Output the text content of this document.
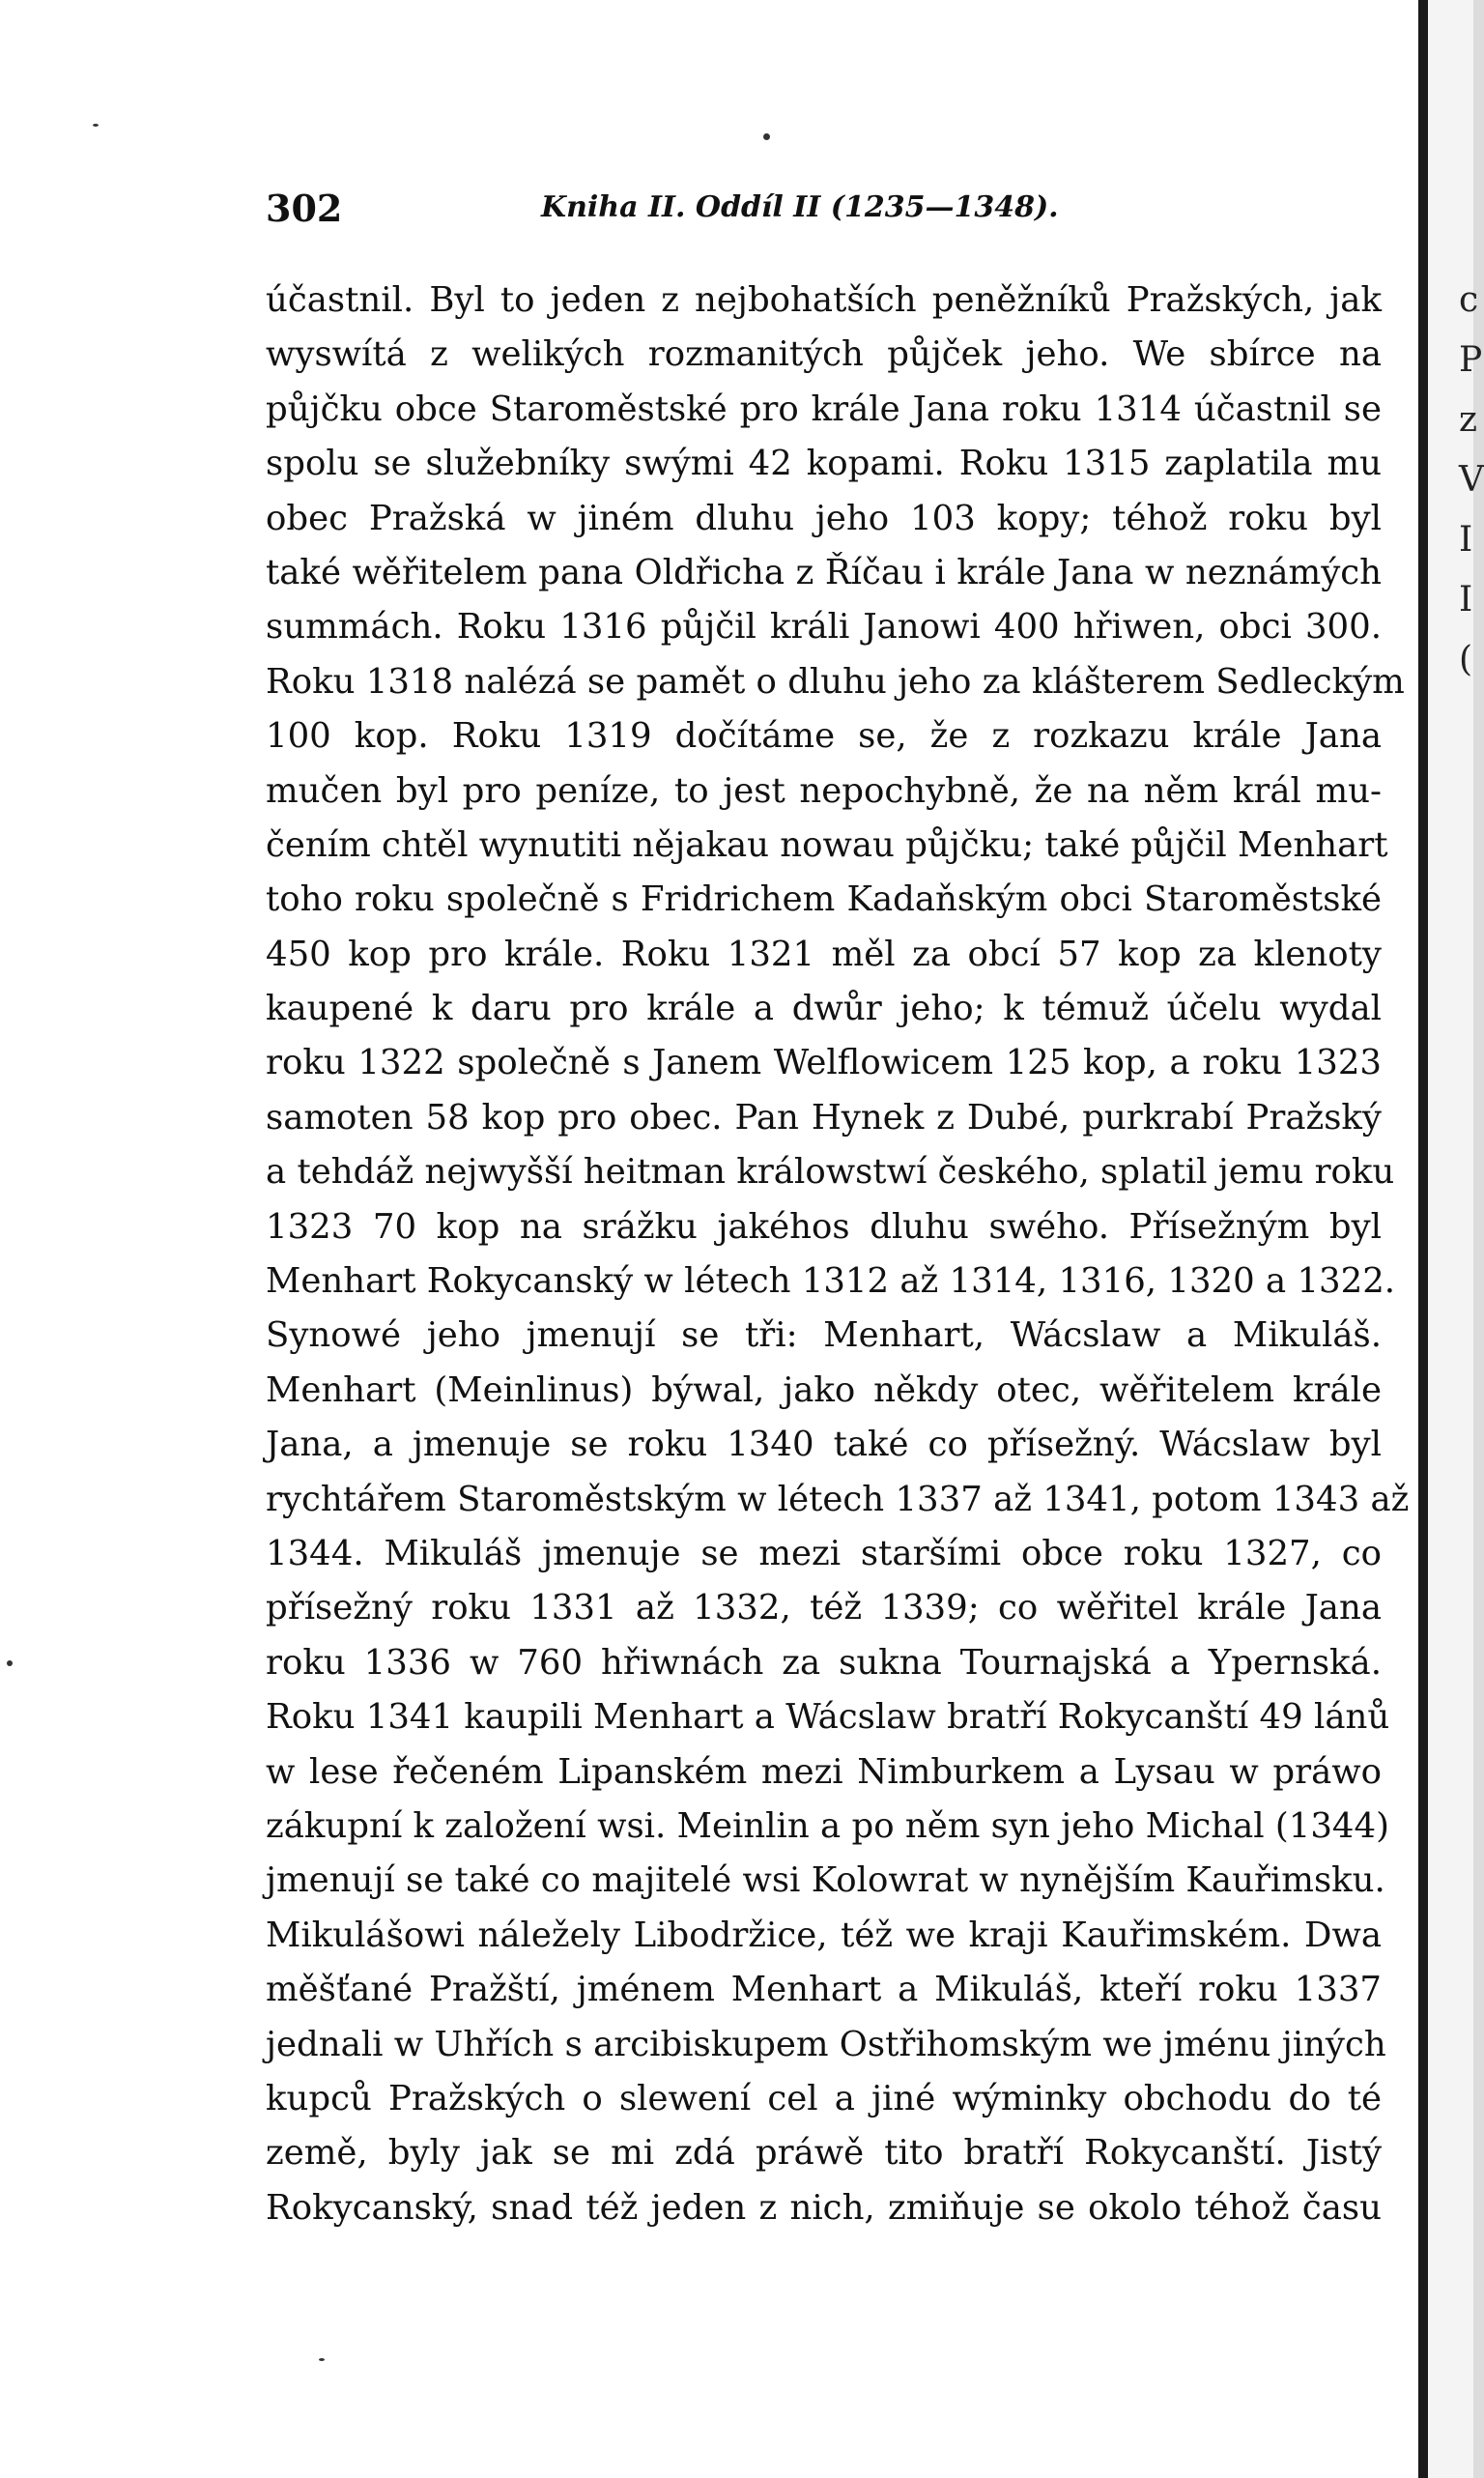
302	Kniha II. Oddíl II (1235—1348).
účastnil. Byl to jeden z nejbohatších peněžníků Pražských, jak
wyswítá z welikých rozmanitých půjček jeho. We sbírce na
půjčku obce Staroměstské pro krále Jana roku 1314 účastnil se
spolu se služebníky swými 42 kopami. Roku 1315 zaplatila mu
obec Pražská w jiném dluhu jeho 103 kopy; téhož roku byl
také wěřitelem pana Oldřicha z Říčau i krále Jana w neznámých
summách. Roku 1316 půjčil králi Janowi 400 hřiwen, obci 300.
Roku 1318 nalézá se pamět o dluhu jeho za klášterem Sedleckým
100 kop. Roku 1319 dočítáme se, že z rozkazu krále Jana
mučen byl pro peníze, to jest nepochybně, že na něm král mu-
čením chtěl wynutiti nějakau nowau půjčku; také půjčil Menhart
toho roku společně s Fridrichem Kadaňským obci Staroměstské
450 kop pro krále. Roku 1321 měl za obcí 57 kop za klenoty
kaupené k daru pro krále a dwůr jeho; k témuž účelu wydal
roku 1322 společně s Janem Welflowicem 125 kop, a roku 1323
samoten 58 kop pro obec. Pan Hynek z Dubé, purkrabí Pražský
a tehdáž nejwyšší heitman králowstwí českého, splatil jemu roku
1323 70 kop na srážku jakéhos dluhu swého. Přísežným byl
Menhart Rokycanský w létech 1312 až 1314, 1316, 1320 a 1322.
Synowé jeho jmenují se tři: Menhart, Wácslaw a Mikuláš.
Menhart (Meinlinus) býwal, jako někdy otec, wěřitelem krále
Jana, a jmenuje se roku 1340 také co přísežný. Wácslaw byl
rychtářem Staroměstským w létech 1337 až 1341, potom 1343 až
1344. Mikuláš jmenuje se mezi staršími obce roku 1327, co
přísežný roku 1331 až 1332, též 1339; co wěřitel krále Jana
roku 1336 w 760 hřiwnách za sukna Tournajská a Ypernská.
Roku 1341 kaupili Menhart a Wácslaw bratří Rokycanští 49 lánů
w lese řečeném Lipanském mezi Nimburkem a Lysau w práwo
zákupní k založení wsi. Meinlin a po něm syn jeho Michal (1344)
jmenují se také co majitelé wsi Kolowrat w nynějším Kauřimsku.
Mikulášowi náležely Libodržice, též we kraji Kauřimském. Dwa
měšťané Pražští, jménem Menhart a Mikuláš, kteří roku 1337
jednali w Uhřích s arcibiskupem Ostřihomským we jménu jiných
kupců Pražských o slewení cel a jiné wýminky obchodu do té
země, byly jak se mi zdá práwě tito bratří Rokycanští. Jistý
Rokycanský, snad též jeden z nich, zmiňuje se okolo téhož času
c
P
z
V
I
I
(
